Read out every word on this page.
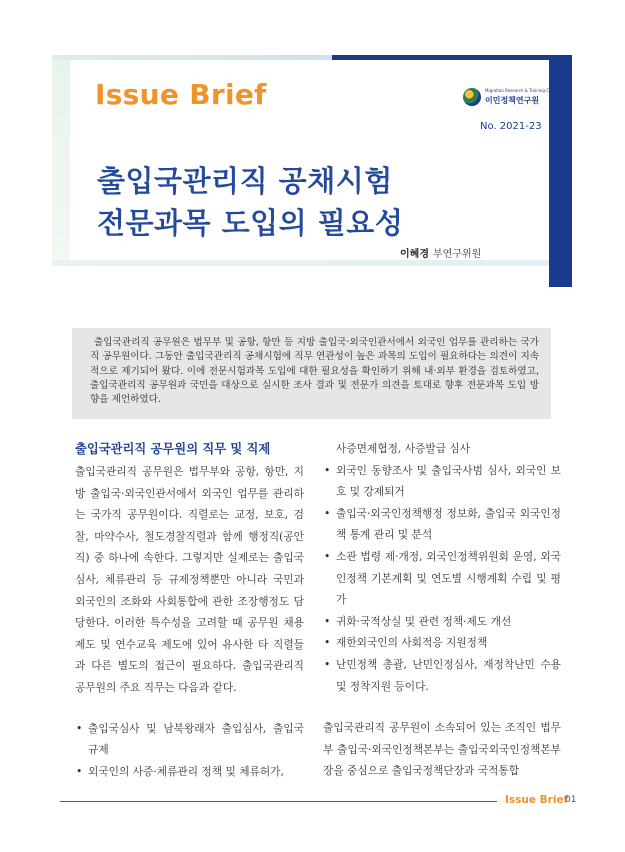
Issue Brief	Migration Research & Training Centre
이민정책연구원
No. 2021-23
출입국관리직 공채시험
전문과목 도입의 필요성
이혜경 부연구위원

출입국관리직 공무원은 법무부 및 공항, 항만 등 지방 출입국·외국인관서에서 외국인 업무를 관리하는 국가직 공무원이다. 그동안 출입국관리직 공채시험에 직무 연관성이 높은 과목의 도입이 필요하다는 의견이 지속적으로 제기되어 왔다. 이에 전문시험과목 도입에 대한 필요성을 확인하기 위해 내·외부 환경을 검토하였고, 출입국관리직 공무원과 국민을 대상으로 실시한 조사 결과 및 전문가 의견을 토대로 향후 전문과목 도입 방향을 제언하였다.

출입국관리직 공무원의 직무 및 직제

출입국관리직 공무원은 법무부와 공항, 항만, 지방 출입국·외국인관서에서 외국인 업무를 관리하는 국가직 공무원이다. 직렬로는 교정, 보호, 검찰, 마약수사, 철도경찰직렬과 함께 행정직(공안직) 중 하나에 속한다. 그렇지만 실제로는 출입국심사, 체류관리 등 규제정책뿐만 아니라 국민과 외국인의 조화와 사회통합에 관한 조장행정도 담당한다. 이러한 특수성을 고려할 때 공무원 채용제도 및 연수교육 제도에 있어 유사한 타 직렬들과 다른 별도의 접근이 필요하다. 출입국관리직 공무원의 주요 직무는 다음과 같다.

• 출입국심사 및 남북왕래자 출입심사, 출입국 규제
• 외국인의 사증·체류관리 정책 및 체류허가,
사증면제협정, 사증발급 심사
• 외국인 동향조사 및 출입국사범 심사, 외국인 보호 및 강제퇴거
• 출입국·외국인정책행정 정보화, 출입국 외국인정책 통계 관리 및 분석
• 소관 법령 제·개정, 외국인정책위원회 운영, 외국인정책 기본계획 및 연도별 시행계획 수립 및 평가
• 귀화·국적상실 및 관련 정책·제도 개선
• 재한외국인의 사회적응 지원정책
• 난민정책 총괄, 난민인정심사, 재정착난민 수용 및 정착지원 등이다.

출입국관리직 공무원이 소속되어 있는 조직인 법무부 출입국·외국인정책본부는 출입국외국인정책본부장을 중심으로 출입국정책단장과 국적통합

Issue Brief
01
